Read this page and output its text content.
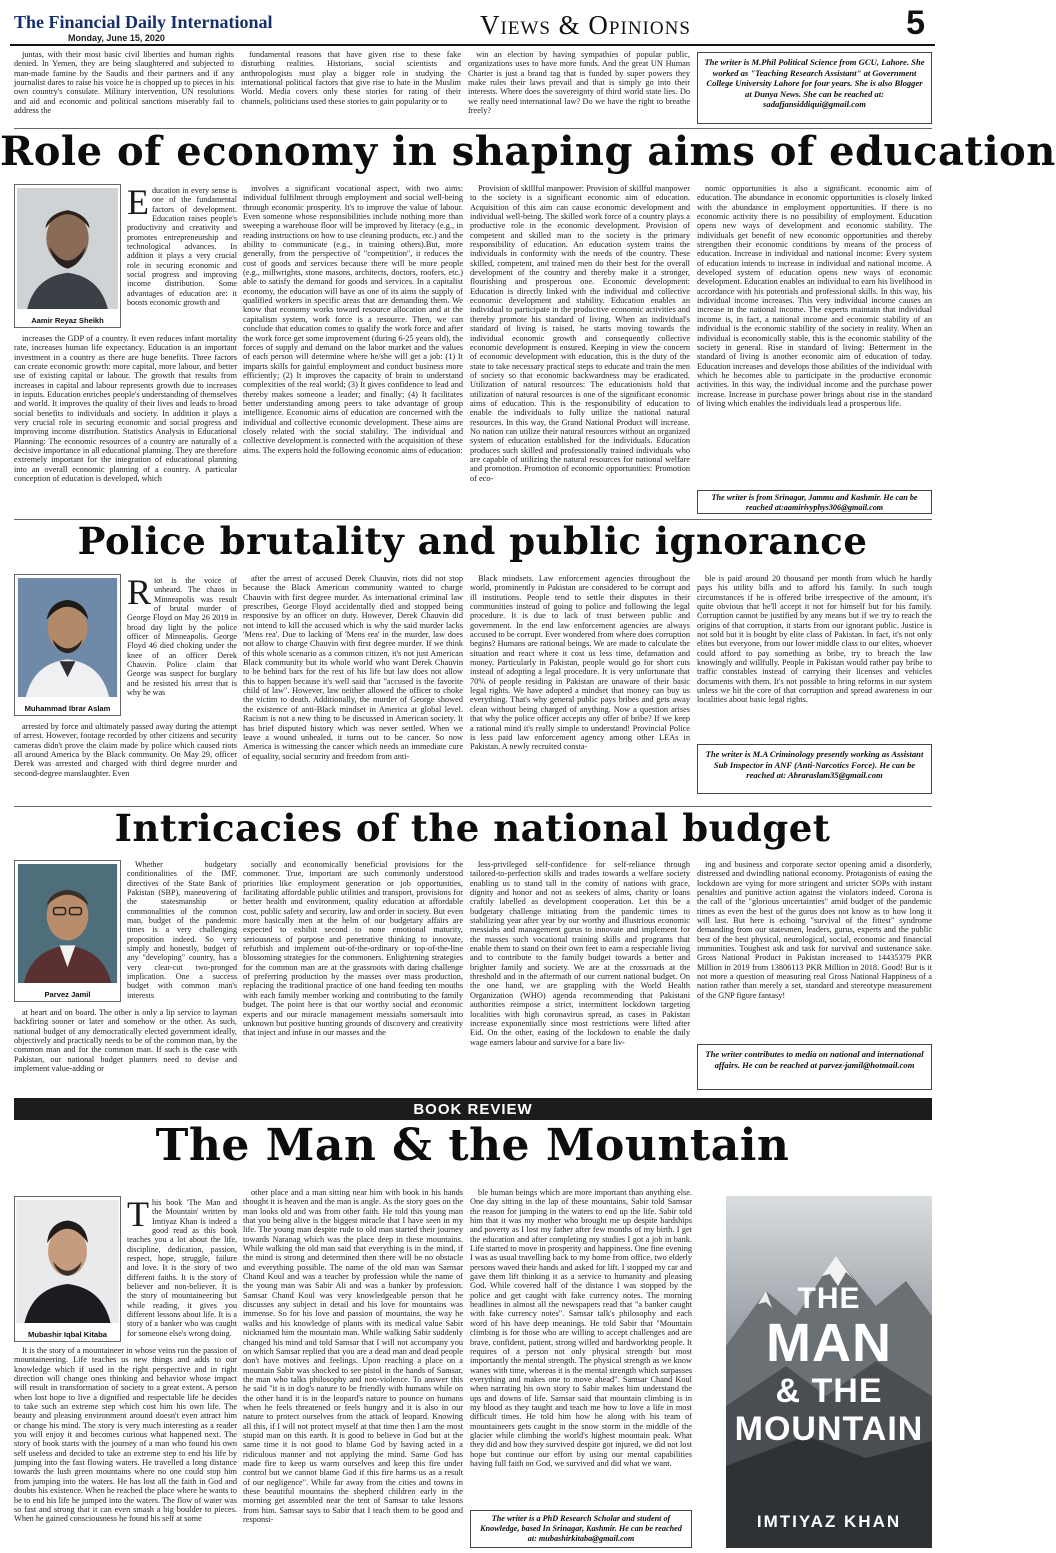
The Financial Daily International
Monday, June 15, 2020	Views & Opinions	5

juntas, with their most basic civil liberties and human rights denied. In Yemen, they are being slaughtered and subjected to man-made famine by the Saudis and their partners and if any journalist dares to raise his voice he is chopped up to pieces in his own country's consulate. Military intervention, UN resolutions and aid and economic and political sanctions miserably fail to address the

fundamental reasons that have given rise to these fake disturbing realities. Historians, social scientists and anthropologists must play a bigger role in studying the international political factors that give rise to hate in the Muslim World. Media covers only these stories for rating of their channels, politicians used these stories to gain popularity or to

win an election by having sympathies of popular public, organizations uses to have more funds. And the great UN Human Charter is just a brand tag that is funded by super powers they make rules their laws prevail and that is simply go into their interests. Where does the sovereignty of third world state lies. Do we really need international law? Do we have the right to breathe freely?

The writer is M.Phil Political Science from GCU, Lahore. She worked as "Teaching Research Assistant" at Government College University Lahore for four years. She is also Blogger at Dunya News. She can be reached at: sadafjansiddiqui@gmail.com
Role of economy in shaping aims of education
Aamir Reyaz Sheikh
Education in every sense is one of the fundamental factors of development. Education raises people's productivity and creativity and promotes entrepreneurship and technological advances. In addition it plays a very crucial role in securing economic and social progress and improving income distribution. Some advantages of education are: it boosts economic growth and

increases the GDP of a country. It even reduces infant mortality rate, increases human life expectancy. Education is an important investment in a country as there are huge benefits. Three factors can create economic growth: more capital, more labour, and better use of existing capital or labour. The growth that results from increases in capital and labour represents growth due to increases in inputs. Education enriches people's understanding of themselves and world. It improves the quality of their lives and leads to broad social benefits to individuals and society. In addition it plays a very crucial role in securing economic and social progress and improving income distribution. Statistics Analysis in Educational Planning: The economic resources of a country are naturally of a decisive importance in all educational planning. They are therefore extremely important for the integration of educational planning into an overall economic planning of a country. A particular conception of education is developed, which

involves a significant vocational aspect, with two aims: individual fulfilment through employment and social well-being through economic prosperity. It's to improve the value of labour. Even someone whose responsibilities include nothing more than sweeping a warehouse floor will be improved by literacy (e.g., in reading instructions on how to use cleaning products, etc.) and the ability to communicate (e.g., in training others).But, more generally, from the perspective of "competition", it reduces the cost of goods and services because there will be more people (e.g., millwrights, stone masons, architects, doctors, roofers, etc.) able to satisfy the demand for goods and services. In a capitalist economy, the education will have as one of its aims the supply of qualified workers in specific areas that are demanding them. We know that economy works toward resource allocation and at the capitalism system, work force is a resource. Then, we can conclude that education comes to qualify the work force and after the work force get some improvement (during 6-25 years old), the forces of supply and demand on the labor market and the values of each person will determine where he/she will get a job: (1) It imparts skills for gainful employment and conduct business more efficiently; (2) It improves the capacity of brain to understand complexities of the real world; (3) It gives confidence to lead and thereby makes someone a leader; and finally; (4) It facilitates better understanding among peers to take advantage of group intelligence. Economic aims of education are concerned with the individual and collective economic development. These aims are closely related with the social stability. The individual and collective development is connected with the acquisition of these aims. The experts hold the following economic aims of education:

Provision of skillful manpower: Provision of skillful manpower to the society is a significant economic aim of education. Acquisition of this aim can cause economic development and individual well-being. The skilled work force of a country plays a productive role in the economic development. Provision of competent and skilled man to the society is the primary responsibility of education. An education system trains the individuals in conformity with the needs of the country. These skilled, competent, and trained men do their best for the overall development of the country and thereby make it a stronger, flourishing and prosperous one. Economic development: Education is directly linked with the individual and collective economic development and stability. Education enables an individual to participate in the productive economic activities and thereby promote his standard of living. When an individual's standard of living is raised, he starts moving towards the individual economic growth and consequently collective economic development is ensured. Keeping in view the concern of economic development with education, this is the duty of the state to take necessary practical steps to educate and train the men of society so that economic backwardness may be eradicated. Utilization of natural resources: The educationists hold that utilization of natural resources is one of the significant economic aims of education. This is the responsibility of education to enable the individuals to fully utilize the national natural resources. In this way, the Grand National Product will increase. No nation can utilize their natural resources without an organized system of education established for the individuals. Education produces such skilled and professionally trained individuals who are capable of utilizing the natural resources for national welfare and promotion. Promotion of economic opportunities: Promotion of eco-

nomic opportunities is also a significant. economic aim of education. The abundance in economic opportunities is closely linked with the abundance in employment opportunities. If there is no economic activity there is no possibility of employment. Education opens new ways of development and economic stability. The individuals get benefit of new economic opportunities and thereby strengthen their economic conditions by means of the process of education. Increase in individual and national income: Every system of education intends to increase in individual and national income. A developed system of education opens new ways of economic development. Education enables an individual to earn his livelihood in accordance with his potentials and professional skills. In this way, his individual income increases. This very individual income causes an increase in the national income. The experts maintain that individual income is, in fact, a national income and economic stability of an individual is the economic stability of the society in reality. When an individual is economically stable, this is the economic stability of the society in general. Rise in standard of living: Betterment in the standard of living is another economic aim of education of today. Education increases and develops those abilities of the individual with which he becomes able to participate in the productive economic activities. In this way, the individual income and the purchase power increase. Increase in purchase power brings about rise in the standard of living which enables the individuals lead a prosperous life.

The writer is from Srinagar, Jammu and Kashmir. He can be reached at:aamirivyphys306@gmail.com
Police brutality and public ignorance
Muhammad Ibrar Aslam
Riot is the voice of unheard. The chaos in Minneapolis was result of brutal murder of George Floyd on May 26 2019 in broad day light by the police officer of Minneapolis. George Floyd 46 died choking under the knee of an officer Derek Chauvin. Police claim that George was suspect for burglary and he resisted his arrest that is why he was

arrested by force and ultimately passed away during the attempt of arrest. However, footage recorded by other citizens and security cameras didn't prove the claim made by police which caused riots all around America by the Black community. On May 29, officer Derek was arrested and charged with third degree murder and second-degree manslaughter. Even

after the arrest of accused Derek Chauvin, riots did not stop because the Black American community wanted to charge Chauvin with first degree murder. As international criminal law prescribes, George Floyd accidentally died and stopped being responsive by an officer on duty. However, Derek Chauvin did not intend to kill the accused which is why the said murder lacks 'Mens rea'. Due to lacking of 'Mens rea' in the murder, law does not allow to charge Chauvin with first degree murder. If we think of this whole scenario as a common citizen, it's not just American Black community but its whole world who want Derek Chauvin to be behind bars for the rest of his life but law does not allow this to happen because it's well said that "accused is the favorite child of law". However, law neither allowed the officer to choke the victim to death. Additionally, the murder of George showed the existence of anti-Black mindset in America at global level. Racism is not a new thing to be discussed in American society. It has brief disputed history which was never settled. When we leave a wound unhealed, it turns out to be cancer. So now America is witnessing the cancer which needs an immediate cure of equality, social security and freedom from anti-

Black mindsets. Law enforcement agencies throughout the world, prominently in Pakistan are considered to be corrupt and ill institutions. People tend to settle their disputes in their communities instead of going to police and following the legal procedure. It is due to lack of trust between public and government. In the end law enforcement agencies are always accused to be corrupt. Ever wondered from where does corruption begins? Humans are rational beings. We are made to calculate the situation and react where it cost us less time, defamation and money. Particularly in Pakistan, people would go for short cuts instead of adopting a legal procedure. It is very unfortunate that 70% of people residing in Pakistan are unaware of their basic legal rights. We have adopted a mindset that money can buy us everything. That's why general public pays bribes and gets away clean without being charged of anything. Now a question arises that why the police officer accepts any offer of bribe? If we keep a rational mind it's really simple to understand! Provincial Police is less paid law enforcement agency among other LEAs in Pakistan. A newly recruited consta-

ble is paid around 20 thousand per month from which he hardly pays his utility bills and to afford his family. In such tough circumstances if he is offered bribe irrespective of the amount, it's quite obvious that he'll accept it not for himself but for his family. Corruption cannot be justified by any means but if we try to reach the origins of that corruption, it starts from our ignorant public. Justice is not sold but it is bought by elite class of Pakistan. In fact, it's not only elites but everyone, from our lower middle class to our elites, whoever could afford to pay something as bribe, try to breach the law knowingly and willfully. People in Pakistan would rather pay bribe to traffic constables instead of carrying their licenses and vehicles documents with them. It's not possible to bring reforms in our system unless we hit the core of that corruption and spread awareness in our localities about basic legal rights.

The writer is M.A Criminology presently working as Assistant Sub Inspector in ANF (Anti-Narcotics Force). He can be reached at: Abraraslam35@gmail.com
Intricacies of the national budget
Parvez Jamil

Whether budgetary conditionalities of the IMF, directives of the State Bank of Pakistan (SBP), maneuvering of the statesmanship or commonalities of the common man, budget of the pandemic times is a very challenging proposition indeed. So very simply and honestly, budget of any "developing" country, has a very clear-cut two-pronged implication. One a success budget with common man's interests

at heart and on board. The other is only a lip service to layman backfiring sooner or later and somehow or the other. As such, national budget of any democratically elected government ideally, objectively and practically needs to be of the common man, by the common man and for the common man. If such is the case with Pakistan, our national budget planners need to devise and implement value-adding or

socially and economically beneficial provisions for the commoner. True, important are such commonly understood priorities like employment generation or job opportunities, facilitating affordable public utilities and transport, provisions for better health and environment, quality education at affordable cost, public safety and security, law and order in society. But even more basically men at the helm of our budgetary affairs are expected to exhibit second to none emotional maturity, seriousness of purpose and penetrative thinking to innovate, refurbish and implement out-of-the-ordinary or top-of-the-line blossoming strategies for the commoners. Enlightening strategies for the common man are at the grassroots with daring challenge of preferring production by the masses over mass production, replacing the traditional practice of one hand feeding ten mouths with each family member working and contributing to the family budget. The point here is that our worthy social and economic experts and our miracle management messiahs somersault into unknown but positive hunting grounds of discovery and creativity that inject and infuse in our masses and the

less-privileged self-confidence for self-reliance through tailored-to-perfection skills and trades towards a welfare society enabling us to stand tall in the comity of nations with grace, dignity and honor and not as seekers of alms, charity or loans craftily labelled as development cooperation. Let this be a budgetary challenge initiating from the pandemic times to stabilizing year after year by our worthy and illustrious economic messiahs and management gurus to innovate and implement for the masses such vocational training skills and programs that enable them to stand on their own feet to earn a respectable living and to contribute to the family budget towards a better and brighter family and society. We are at the crossroads at the threshold and in the aftermath of our current national budget. On the one hand, we are grappling with the World Health Organization (WHO) agenda recommending that Pakistani authorities reimpose a strict, intermittent lockdown targeting localities with high coronavirus spread, as cases in Pakistan increase exponentially since most restrictions were lifted after Eid. On the other, easing of the lockdown to enable the daily wage earners labour and survive for a bare liv-

ing and business and corporate sector opening amid a disorderly, distressed and dwindling national economy. Protagonists of easing the lockdown are vying for more stringent and stricter SOPs with instant penalties and punitive action against the violators indeed. Corona is the call of the "glorious uncertainties" amid budget of the pandemic times as even the best of the gurus does not know as to how long it will last. But here is echoing "survival of the fittest" syndrome demanding from our statesmen, leaders, gurus, experts and the public best of the best physical, neurological, social, economic and financial immunities. Toughest ask and task for survival and sustenance sake. Gross National Product in Pakistan increased to 14435379 PKR Million in 2019 from 13806113 PKR Million in 2018. Good! But is it not more a question of measuring real Gross National Happiness of a nation rather than merely a set, standard and stereotype measurement of the GNP figure fantasy!

The writer contributes to media on national and international affairs. He can be reached at parvez-jamil@hotmail.com
BOOK REVIEW
The Man & the Mountain
Mubashir Iqbal Kitaba
This book 'The Man and the Mountain' written by Imtiyaz Khan is indeed a good read as this book teaches you a lot about the life, discipline, dedication, passion, respect, hope, struggle, failure and love. It is the story of two different faiths. It is the story of believer and non-believer. It is the story of mountaineering but while reading, it gives you different lessons about life. It is a story of a banker who was caught for someone else's wrong doing.

It is the story of a mountaineer in whose veins run the passion of mountaineering. Life teaches us new things and adds to our knowledge which if used in the right perspective and in right direction will change ones thinking and behavior whose impact will result in transformation of society to a great extent. A person when lost hope to live a dignified and respectable life he decides to take such an extreme step which cost him his own life. The beauty and pleasing environment around doesn't even attract him or change his mind. The story is very much interesting as a reader you will enjoy it and becomes curious what happened next. The story of book starts with the journey of a man who found his own self useless and decided to take an extreme step to end his life by jumping into the fast flowing waters. He travelled a long distance towards the lush green mountains where no one could stop him from jumping into the waters. He has lost all the faith in God and doubts his existence. When he reached the place where he wants to be to end his life he jumped into the waters. The flow of water was so fast and strong that it can even smash a big boulder to pieces. When he gained consciousness he found his self at some

other place and a man sitting near him with book in his hands thought it is heaven and the man is angle. As the story goes on the man looks old and was from other faith. He told this young man that you being alive is the biggest miracle that I have seen in my life. The young man despite rude to old man started their journey towards Naranag which was the place deep in these mountains. While walking the old man said that everything is in the mind, if the mind is strong and determined then there will be no obstacle and everything possible. The name of the old man was Samsar Chand Koul and was a teacher by profession while the name of the young man was Sabir Ali and was a banker by profession. Samsar Chand Koul was very knowledgeable person that he discusses any subject in detail and his love for mountains was immense. So for his love and passion of mountains, the way he walks and his knowledge of plants with its medical value Sabir nicknamed him the mountain man. While walking Sabir suddenly changed his mind and told Samsar that I will not accompany you on which Samsar replied that you are a dead man and dead people don't have motives and feelings. Upon reaching a place on a mountain Sabir was shocked to see pistol in the hands of Samsar, the man who talks philosophy and non-violence. To answer this he said "it is in dog's nature to be friendly with humans while on the other hand it is in the leopard's nature to pounce on humans when he feels threatened or feels hungry and it is also in our nature to protect ourselves from the attack of leopard. Knowing all this, if I will not protect myself at that time then I am the most stupid man on this earth. It is good to believe in God but at the same time it is not good to blame God by having acted in a ridiculous manner and not applying the mind. Same God has made fire to keep us warm ourselves and keep this fire under control but we cannot blame God if this fire harms us as a result of our negligence". While far away from the cities and towns in these beautiful mountains the shepherd children early in the morning get assembled near the tent of Samsar to take lessons from him. Samsar says to Sabir that I teach them to be good and responsi-

ble human beings which are more important than anything else. One day sitting in the lap of these mountains, Sabir told Samsar the reason for jumping in the waters to end up the life. Sabir told him that it was my mother who brought me up despite hardships and poverty as I lost my father after few months of my birth. I get the education and after completing my studies I got a job in bank. Life started to move in prosperity and happiness. One fine evening I was as usual travelling back to my home from office, two elderly persons waved their hands and asked for lift. I stopped my car and gave them lift thinking it as a service to humanity and pleasing God. While covered half of the distance I was stopped by the police and get caught with fake currency notes. The morning headlines in almost all the newspapers read that "a banker caught with fake currency notes". Samsar talk's philosophy and each word of his have deep meanings. He told Sabir that "Mountain climbing is for those who are willing to accept challenges and are brave, confident, patient, strong willed and hardworking people. It requires of a person not only physical strength but most importantly the mental strength. The physical strength as we know wanes with time, whereas it is the mental strength which surpasses everything and makes one to move ahead". Samsar Chand Koul when narrating his own story to Sabir makes him understand the ups and downs of life. Samsar said that mountain climbing is in my blood as they taught and teach me how to love a life in most difficult times. He told him how he along with his team of mountaineers gets caught in the snow storm in the middle of the glacier while climbing the world's highest mountain peak. What they did and how they survived despite got injured, we did not lost hope but continue our effort by using our mental capabilities having full faith on God, we survived and did what we want.

The writer is a PhD Research Scholar and student of Knowledge, based In Srinagar, Kashmir. He can be reached at: mubashirkitaba@gmail.com
THE
MAN
& THE
MOUNTAIN
IMTIYAZ KHAN
